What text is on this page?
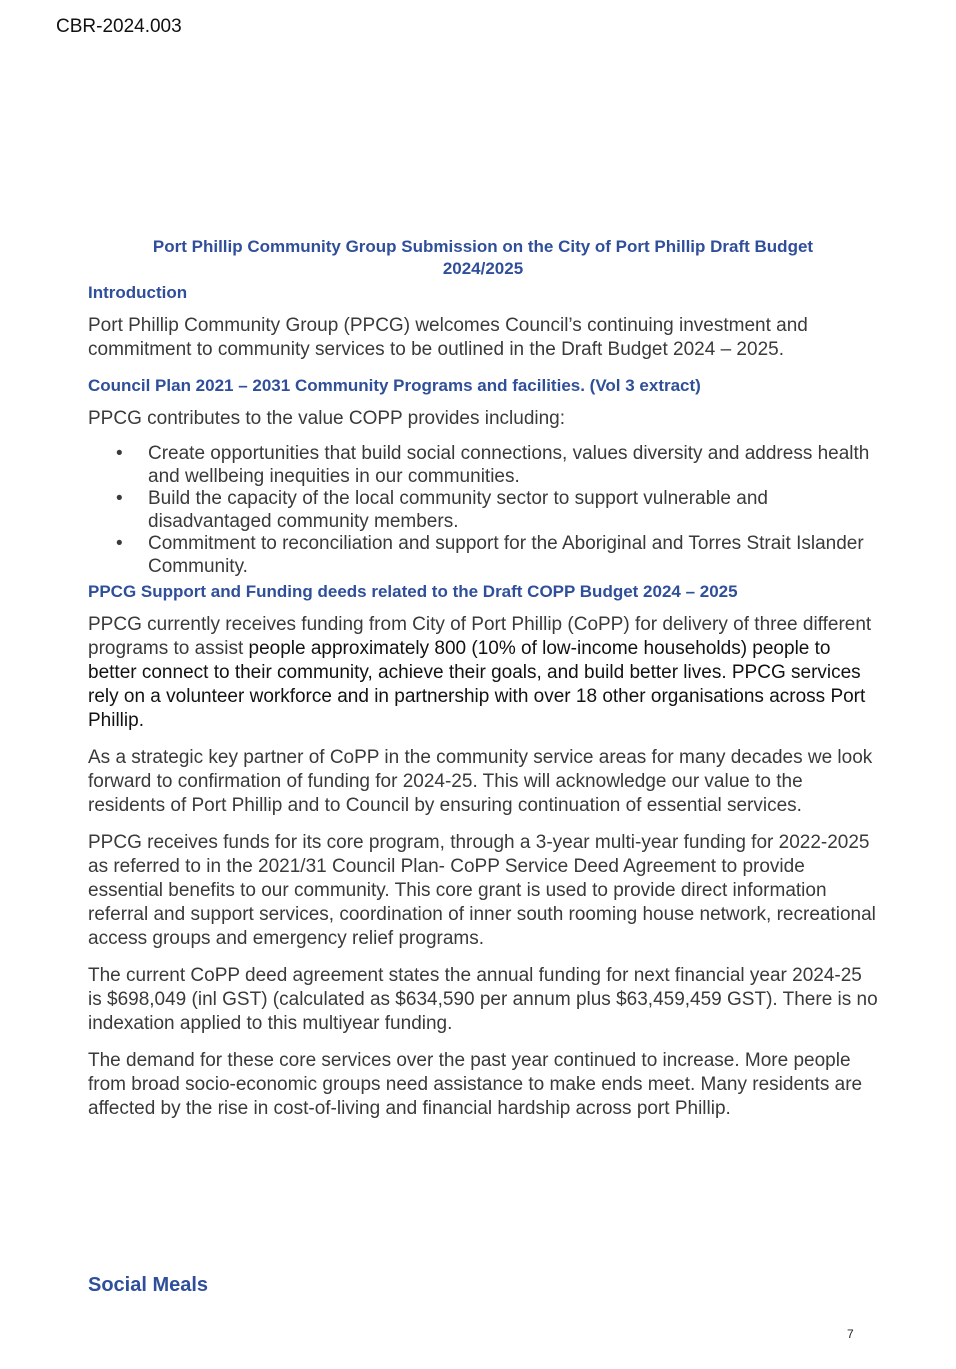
CBR-2024.003
Port Phillip Community Group Submission on the City of Port Phillip Draft Budget
2024/2025
Introduction

Port Phillip Community Group (PPCG) welcomes Council’s continuing investment and commitment to community services to be outlined in the Draft Budget 2024 – 2025.

Council Plan 2021 – 2031 Community Programs and facilities. (Vol 3 extract)

PPCG contributes to the value COPP provides including:

• Create opportunities that build social connections, values diversity and address health and wellbeing inequities in our communities.
• Build the capacity of the local community sector to support vulnerable and disadvantaged community members.
• Commitment to reconciliation and support for the Aboriginal and Torres Strait Islander Community.
PPCG Support and Funding deeds related to the Draft COPP Budget 2024 – 2025

PPCG currently receives funding from City of Port Phillip (CoPP) for delivery of three different programs to assist people approximately 800 (10% of low-income households) people to better connect to their community, achieve their goals, and build better lives. PPCG services rely on a volunteer workforce and in partnership with over 18 other organisations across Port Phillip.

As a strategic key partner of CoPP in the community service areas for many decades we look forward to confirmation of funding for 2024-25. This will acknowledge our value to the residents of Port Phillip and to Council by ensuring continuation of essential services.

PPCG receives funds for its core program, through a 3-year multi-year funding for 2022-2025 as referred to in the 2021/31 Council Plan- CoPP Service Deed Agreement to provide essential benefits to our community. This core grant is used to provide direct information referral and support services, coordination of inner south rooming house network, recreational access groups and emergency relief programs.

The current CoPP deed agreement states the annual funding for next financial year 2024-25 is $698,049 (inl GST) (calculated as $634,590 per annum plus $63,459,459 GST). There is no indexation applied to this multiyear funding.

The demand for these core services over the past year continued to increase. More people from broad socio-economic groups need assistance to make ends meet. Many residents are affected by the rise in cost-of-living and financial hardship across port Phillip.

Social Meals
7
